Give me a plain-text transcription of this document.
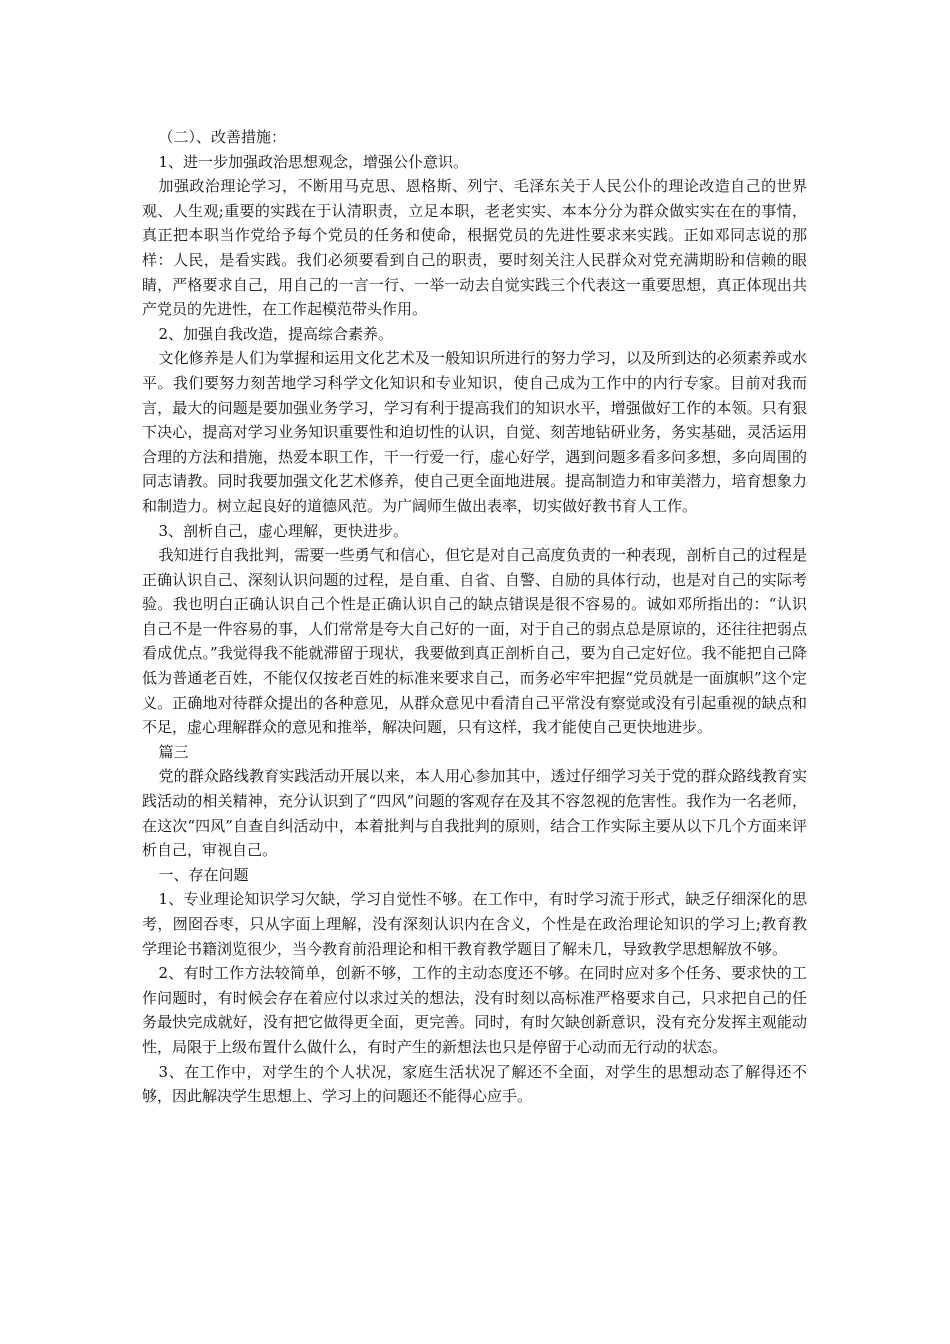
（二）、改善措施：

1、进一步加强政治思想观念，增强公仆意识。

加强政治理论学习，不断用马克思、恩格斯、列宁、毛泽东关于人民公仆的理论改造自己的世界观、人生观;重要的实践在于认清职责，立足本职，老老实实、本本分分为群众做实实在在的事情，真正把本职当作党给予每个党员的任务和使命，根据党员的先进性要求来实践。正如邓同志说的那样：人民，是看实践。我们必须要看到自己的职责，要时刻关注人民群众对党充满期盼和信赖的眼睛，严格要求自己，用自己的一言一行、一举一动去自觉实践三个代表这一重要思想，真正体现出共产党员的先进性，在工作起模范带头作用。

2、加强自我改造，提高综合素养。

文化修养是人们为掌握和运用文化艺术及一般知识所进行的努力学习，以及所到达的必须素养或水平。我们要努力刻苦地学习科学文化知识和专业知识，使自己成为工作中的内行专家。目前对我而言，最大的问题是要加强业务学习，学习有利于提高我们的知识水平，增强做好工作的本领。只有狠下决心，提高对学习业务知识重要性和迫切性的认识，自觉、刻苦地钻研业务，务实基础，灵活运用合理的方法和措施，热爱本职工作，干一行爱一行，虚心好学，遇到问题多看多问多想，多向周围的同志请教。同时我要加强文化艺术修养，使自己更全面地进展。提高制造力和审美潜力，培育想象力和制造力。树立起良好的道德风范。为广阔师生做出表率，切实做好教书育人工作。

3、剖析自己，虚心理解，更快进步。

我知进行自我批判，需要一些勇气和信心，但它是对自己高度负责的一种表现，剖析自己的过程是正确认识自己、深刻认识问题的过程，是自重、自省、自警、自励的具体行动，也是对自己的实际考验。我也明白正确认识自己个性是正确认识自己的缺点错误是很不容易的。诚如邓所指出的：“认识自己不是一件容易的事，人们常常是夸大自己好的一面，对于自己的弱点总是原谅的，还往往把弱点看成优点。”我觉得我不能就滞留于现状，我要做到真正剖析自己，要为自己定好位。我不能把自己降低为普通老百姓，不能仅仅按老百姓的标准来要求自己，而务必牢牢把握“党员就是一面旗帜”这个定义。正确地对待群众提出的各种意见，从群众意见中看清自己平常没有察觉或没有引起重视的缺点和不足，虚心理解群众的意见和推举，解决问题，只有这样，我才能使自己更快地进步。

篇三

党的群众路线教育实践活动开展以来，本人用心参加其中，透过仔细学习关于党的群众路线教育实践活动的相关精神，充分认识到了“四风”问题的客观存在及其不容忽视的危害性。我作为一名老师，在这次“四风”自查自纠活动中，本着批判与自我批判的原则，结合工作实际主要从以下几个方面来评析自己，审视自己。

一、存在问题

1、专业理论知识学习欠缺，学习自觉性不够。在工作中，有时学习流于形式，缺乏仔细深化的思考，囫囵吞枣，只从字面上理解，没有深刻认识内在含义，个性是在政治理论知识的学习上;教育教学理论书籍浏览很少，当今教育前沿理论和相干教育教学题目了解未几，导致教学思想解放不够。

2、有时工作方法较简单，创新不够，工作的主动态度还不够。在同时应对多个任务、要求快的工作问题时，有时候会存在着应付以求过关的想法，没有时刻以高标准严格要求自己，只求把自己的任务最快完成就好，没有把它做得更全面，更完善。同时，有时欠缺创新意识，没有充分发挥主观能动性，局限于上级布置什么做什么，有时产生的新想法也只是停留于心动而无行动的状态。

3、在工作中，对学生的个人状况，家庭生活状况了解还不全面，对学生的思想动态了解得还不够，因此解决学生思想上、学习上的问题还不能得心应手。
